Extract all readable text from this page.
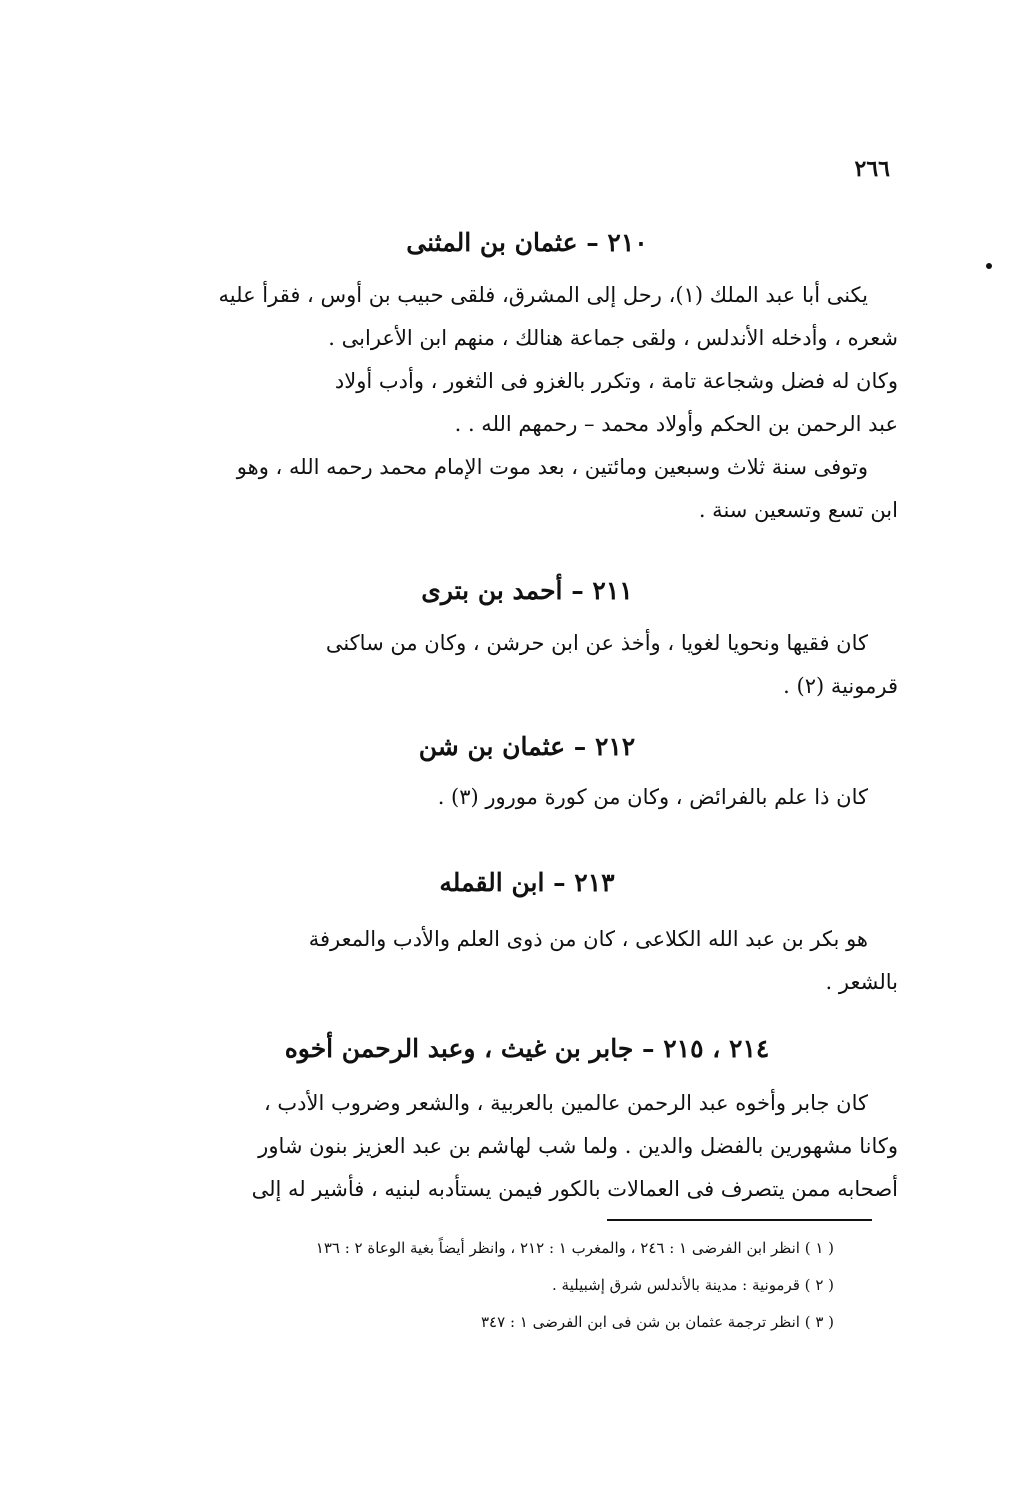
٢٦٦
٢١٠ – عثمان بن المثنى

يكنى أبا عبد الملك (١)، رحل إلى المشرق، فلقى حبيب بن أوس ، فقرأ عليه

شعره ، وأدخله الأندلس ، ولقى جماعة هنالك ، منهم ابن الأعرابى .

وكان له فضل وشجاعة تامة ، وتكرر بالغزو فى الثغور ، وأدب أولاد

عبد الرحمن بن الحكم وأولاد محمد – رحمهم الله . .

وتوفى سنة ثلاث وسبعين ومائتين ، بعد موت الإمام محمد رحمه الله ، وهو

ابن تسع وتسعين سنة .

٢١١ – أحمد بن بترى

كان فقيها ونحويا لغويا ، وأخذ عن ابن حرشن ، وكان من ساكنى

قرمونية (٢) .

٢١٢ – عثمان بن شن

كان ذا علم بالفرائض ، وكان من كورة مورور (٣) .

٢١٣ – ابن القمله

هو بكر بن عبد الله الكلاعى ، كان من ذوى العلم والأدب والمعرفة

بالشعر .

٢١٤ ، ٢١٥ – جابر بن غيث ، وعبد الرحمن أخوه

كان جابر وأخوه عبد الرحمن عالمين بالعربية ، والشعر وضروب الأدب ،

وكانا مشهورين بالفضل والدين . ولما شب لهاشم بن عبد العزيز بنون شاور

أصحابه ممن يتصرف فى العمالات بالكور فيمن يستأدبه لبنيه ، فأشير له إلى

( ١ ) انظر ابن الفرضى ١ : ٢٤٦ ، والمغرب ١ : ٢١٢ ، وانظر أيضاً بغية الوعاة ٢ : ١٣٦
( ٢ ) قرمونية : مدينة بالأندلس شرق إشبيلية .
( ٣ ) انظر ترجمة عثمان بن شن فى ابن الفرضى ١ : ٣٤٧
